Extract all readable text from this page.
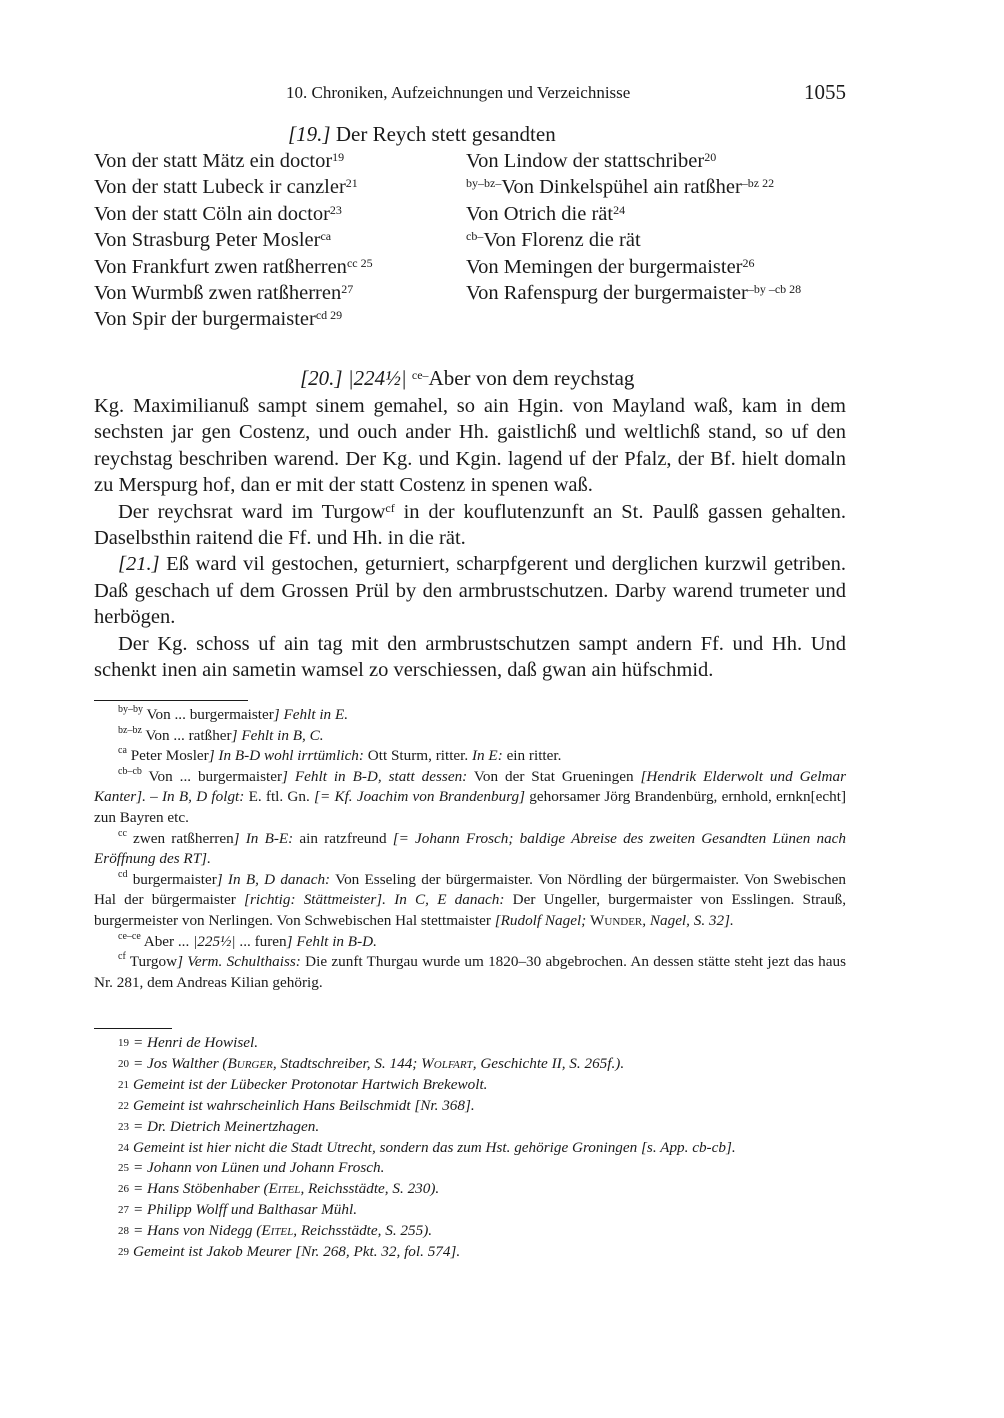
10. Chroniken, Aufzeichnungen und Verzeichnisse	1055
[19.] Der Reych stett gesandten
Von der statt Mätz ein doctor$^{19}$
Von der statt Lubeck ir canzler$^{21}$
Von der statt Cöln ain doctor$^{23}$
Von Strasburg Peter Mosler$^{ca}$
Von Frankfurt zwen ratßherren$^{cc 25}$
Von Wurmbß zwen ratßherren$^{27}$
Von Spir der burgermaister$^{cd 29}$
Von Lindow der stattschriber$^{20}$
$^{by-bz-}$Von Dinkelspühel ain ratßher$^{-bz 22}$
Von Otrich die rät$^{24}$
$^{cb-}$Von Florenz die rät
Von Memingen der burgermaister$^{26}$
Von Rafenspurg der burgermaister$^{-by -cb 28}$
[20.] |224½| $^{ce-}$Aber von dem reychstag

Kg. Maximilianuß sampt sinem gemahel, so ain Hgin. von Mayland waß, kam in dem sechsten jar gen Costenz, und ouch ander Hh. gaistlichß und weltlichß stand, so uf den reychstag beschriben warend. Der Kg. und Kgin. lagend uf der Pfalz, der Bf. hielt domaln zu Merspurg hof, dan er mit der statt Costenz in spenen waß.

Der reychsrat ward im Turgow$^{cf}$ in der kouflutenzunft an St. Paulß gassen gehalten. Daselbsthin raitend die Ff. und Hh. in die rät.

[21.] Eß ward vil gestochen, geturniert, scharpfgerent und derglichen kurzwil getriben. Daß geschach uf dem Grossen Prül by den armbrustschutzen. Darby warend trumeter und herbögen.

Der Kg. schoss uf ain tag mit den armbrustschutzen sampt andern Ff. und Hh. Und schenkt inen ain sametin wamsel zo verschiessen, daß gwan ain hüfschmid.

$^{by-by}$ Von ... burgermaister] Fehlt in E.

$^{bz-bz}$ Von ... ratßher] Fehlt in B, C.

$^{ca}$ Peter Mosler] In B-D wohl irrtümlich: Ott Sturm, ritter. In E: ein ritter.

$^{cb-cb}$ Von ... burgermaister] Fehlt in B-D, statt dessen: Von der Stat Grueningen [Hendrik Elderwolt und Gelmar Kanter]. – In B, D folgt: E. ftl. Gn. [= Kf. Joachim von Brandenburg] gehorsamer Jörg Brandenbürg, ernhold, ernkn[echt] zun Bayren etc.

$^{cc}$ zwen ratßherren] In B-E: ain ratzfreund [= Johann Frosch; baldige Abreise des zweiten Gesandten Lünen nach Eröffnung des RT].

$^{cd}$ burgermaister] In B, D danach: Von Esseling der bürgermaister. Von Nördling der bürgermaister. Von Swebischen Hal der bürgermaister [richtig: Stättmeister]. In C, E danach: Der Ungeller, burgermaister von Esslingen. Strauß, burgermeister von Nerlingen. Von Schwebischen Hal stettmaister [Rudolf Nagel; Wunder, Nagel, S. 32].

$^{ce-ce}$ Aber ... |225½| ... furen] Fehlt in B-D.

$^{cf}$ Turgow] Verm. Schulthaiss: Die zunft Thurgau wurde um 1820–30 abgebrochen. An dessen stätte steht jezt das haus Nr. 281, dem Andreas Kilian gehörig.

19 = Henri de Howisel.

20 = Jos Walther (Burger, Stadtschreiber, S. 144; Wolfart, Geschichte II, S. 265f.).

21 Gemeint ist der Lübecker Protonotar Hartwich Brekewolt.

22 Gemeint ist wahrscheinlich Hans Beilschmidt [Nr. 368].

23 = Dr. Dietrich Meinertzhagen.

24 Gemeint ist hier nicht die Stadt Utrecht, sondern das zum Hst. gehörige Groningen [s. App. cb-cb].

25 = Johann von Lünen und Johann Frosch.

26 = Hans Stöbenhaber (Eitel, Reichsstädte, S. 230).

27 = Philipp Wolff und Balthasar Mühl.

28 = Hans von Nidegg (Eitel, Reichsstädte, S. 255).

29 Gemeint ist Jakob Meurer [Nr. 268, Pkt. 32, fol. 574].
